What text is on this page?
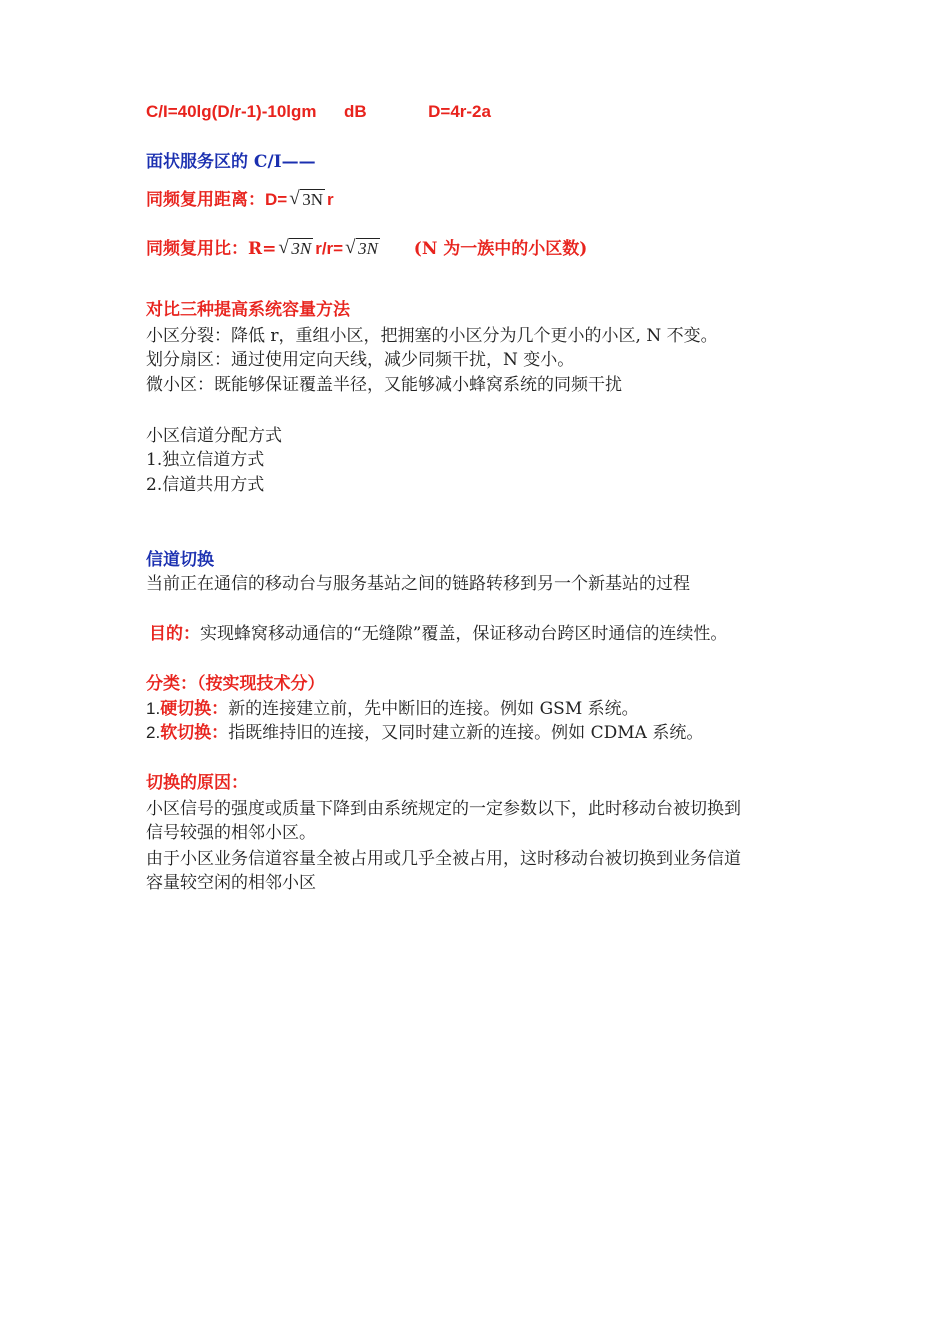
C/I=40lg(D/r-1)-10lgm dB	D=4r-2a
面状服务区的 C/I——
同频复用距离：D= √ 3N r
同频复用比：R= √ 3N r/r= √ 3N (N 为一族中的小区数)
对比三种提高系统容量方法
小区分裂：降低 r，重组小区，把拥塞的小区分为几个更小的小区, N 不变。
划分扇区：通过使用定向天线，减少同频干扰，N 变小。
微小区：既能够保证覆盖半径，又能够减小蜂窝系统的同频干扰
小区信道分配方式
1.独立信道方式
2.信道共用方式
信道切换
当前正在通信的移动台与服务基站之间的链路转移到另一个新基站的过程
目的：实现蜂窝移动通信的“无缝隙”覆盖，保证移动台跨区时通信的连续性。
分类：（按实现技术分）
1.硬切换：新的连接建立前，先中断旧的连接。例如 GSM 系统。
2.软切换：指既维持旧的连接，又同时建立新的连接。例如 CDMA 系统。
切换的原因：
小区信号的强度或质量下降到由系统规定的一定参数以下，此时移动台被切换到
信号较强的相邻小区。
由于小区业务信道容量全被占用或几乎全被占用，这时移动台被切换到业务信道
容量较空闲的相邻小区
